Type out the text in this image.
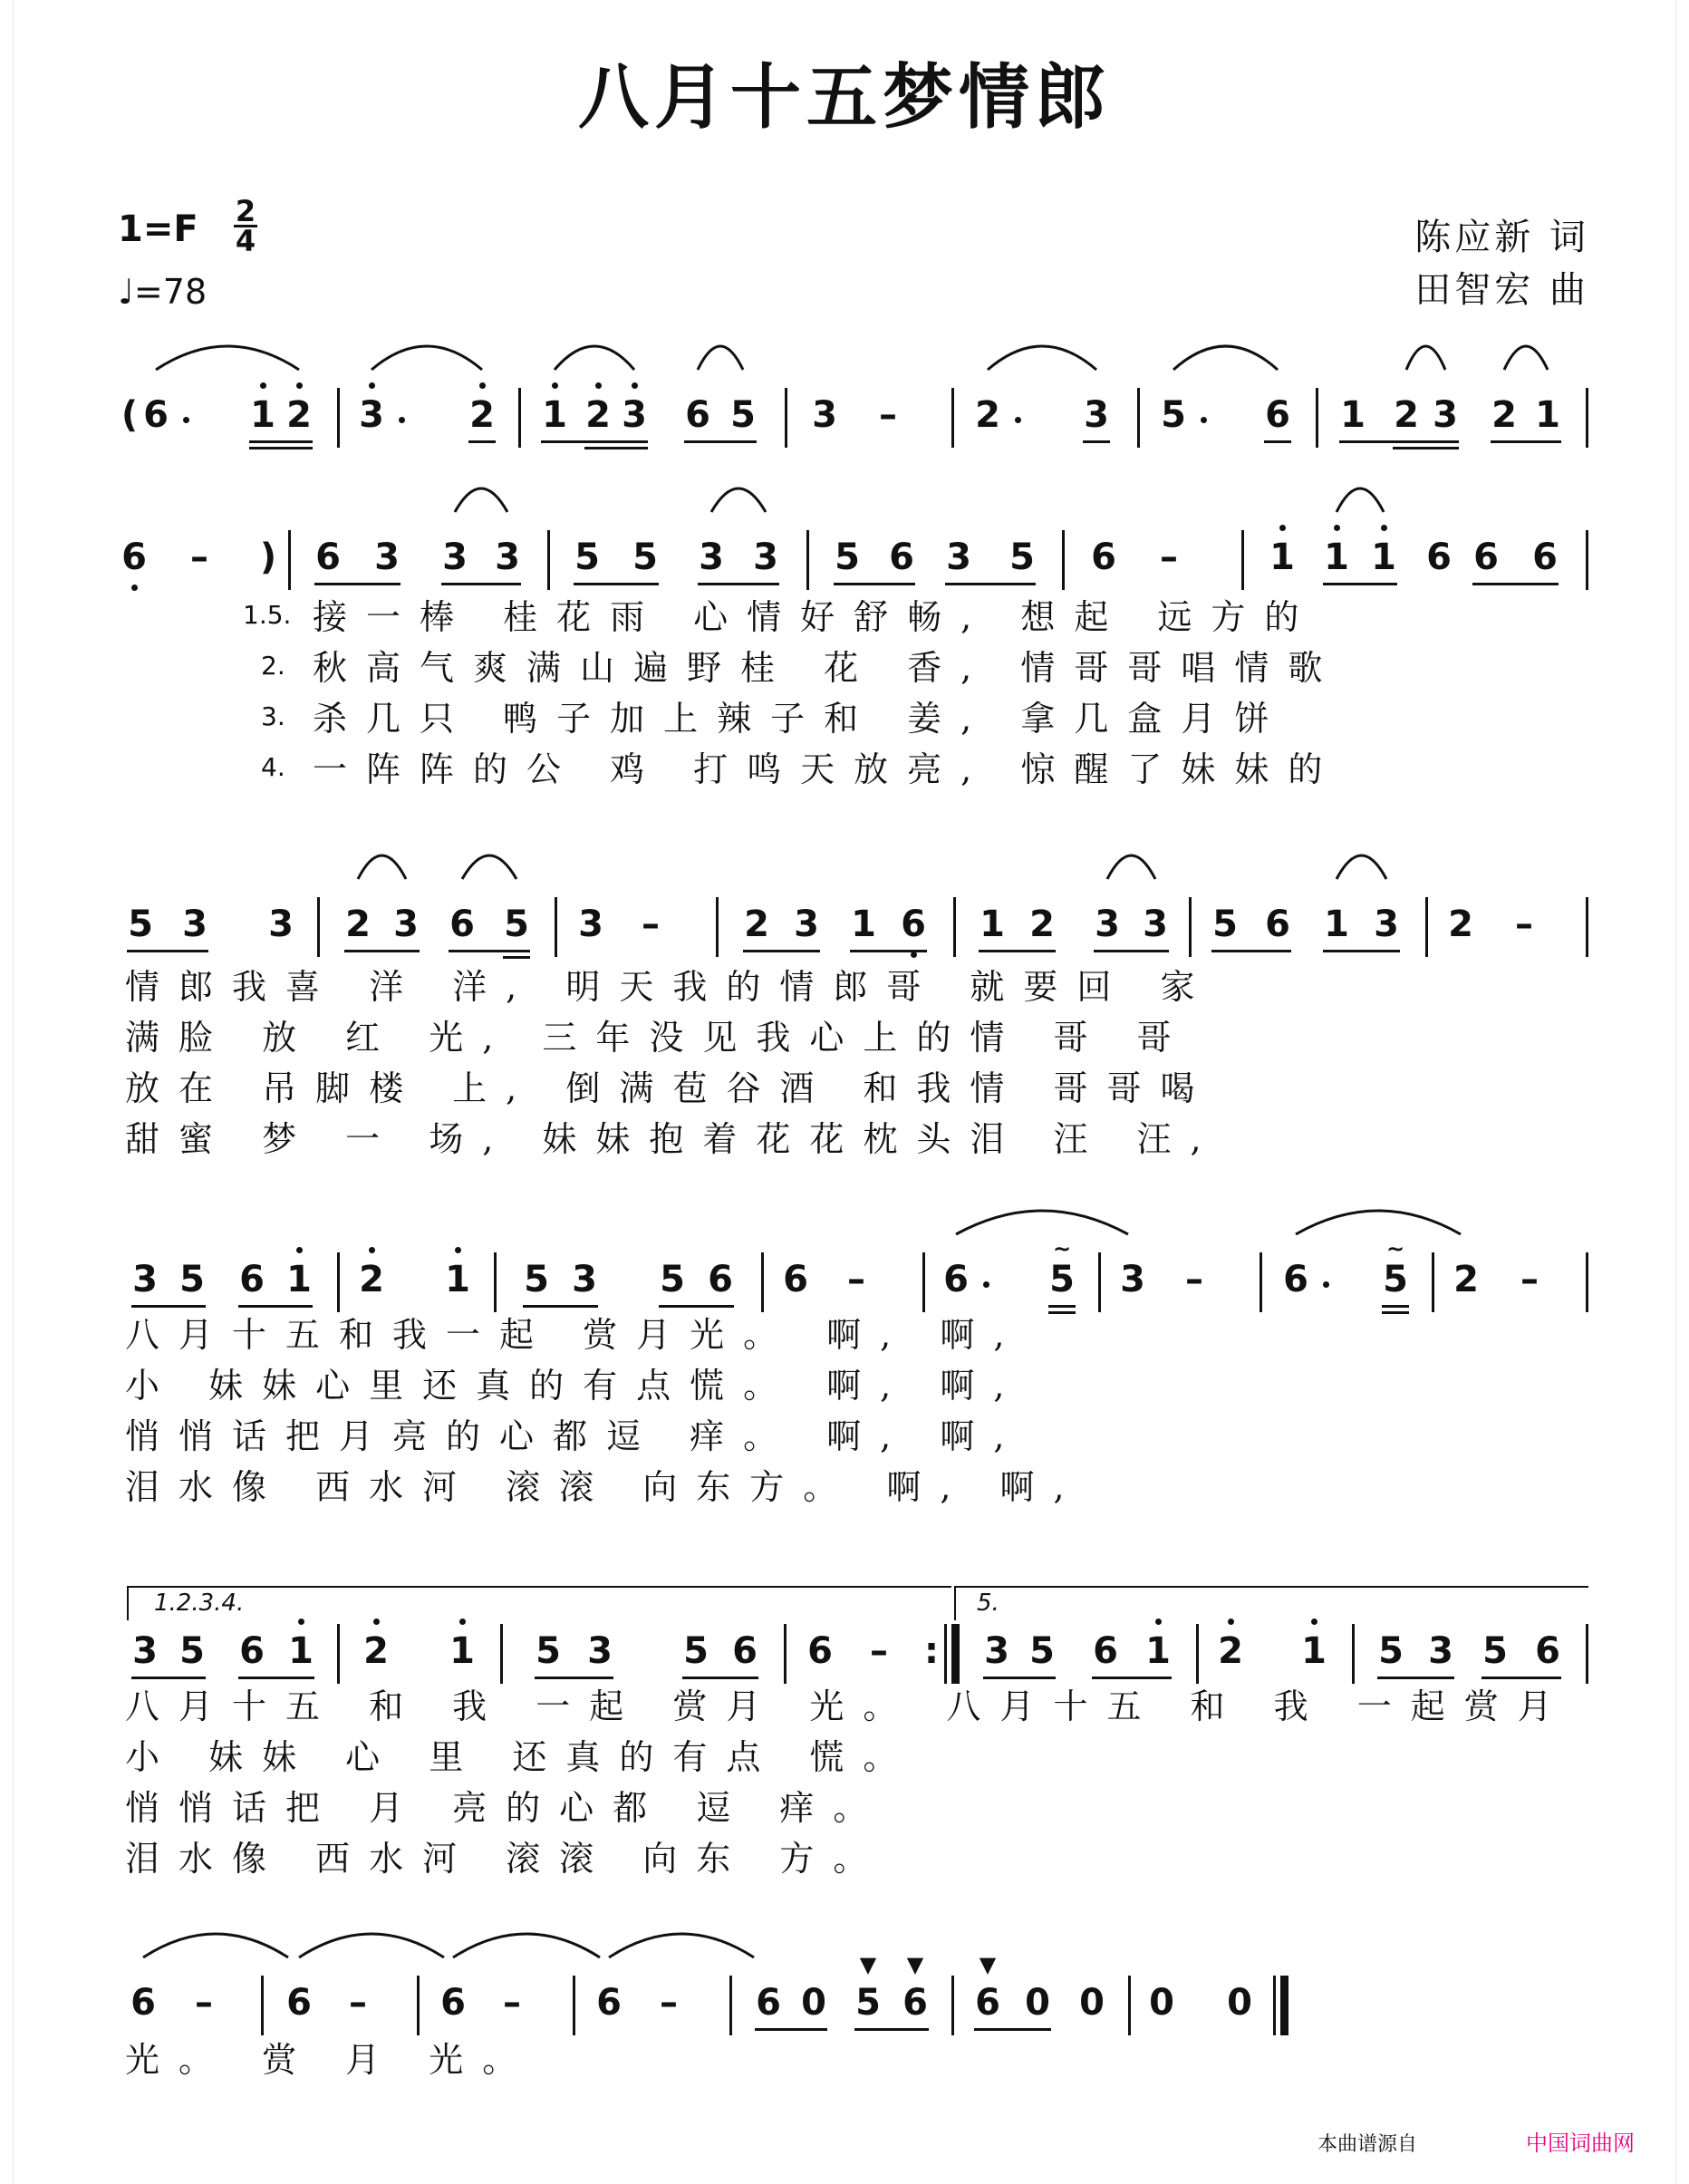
八月十五梦情郎
1=F 2
4
♩=78
陈应新 词
田智宏 曲
( 6 1 2 3 2 1 2 3 6 5 3 – 2 3 5 6 1 2 3 2 1
6 – ) 6 3 3 3 5 5 3 3 5 6 3 5 6 –	1 1 1 6 6 6
1.5.
2.
3.
4.
接一棒 桂花雨 心情好舒畅, 想起 远方的
秋高气爽满山遍野桂 花 香, 情哥哥唱情歌
杀几只 鸭子加上辣子和 姜, 拿几盒月饼
一阵阵的公 鸡 打鸣天放亮, 惊醒了妹妹的
5 3 3 2 3 6 5 3 – 2 3 1 6 1 2 3 3 5 6 1 3 2 –
情郎我喜 洋 洋, 明天我的情郎哥 就要回 家
满脸 放 红 光, 三年没见我心上的情 哥 哥
放在 吊脚楼 上, 倒满苞谷酒 和我情 哥哥喝
甜蜜 梦 一 场, 妹妹抱着花花枕头泪 汪 汪,
3 5 6 1 2 1 5 3 5 6 6 – 6 5
~
3 – 6 5
~
2 –
八月十五和我一起 赏月光。 啊, 啊,
小 妹妹心里还真的有点慌。 啊, 啊,
悄悄话把月亮的心都逗 痒。 啊, 啊,
泪水像 西水河 滚滚 向东方。 啊, 啊,
3 5 6 1 2 1 5 3 5 6 6 –	:	3 5 6 1 2 1 5 3 5 6
八月十五 和 我 一起 赏月 光。 八月十五 和 我 一起赏月
小 妹妹 心 里 还真的有点 慌。
悄悄话把 月 亮的心都 逗 痒。
泪水像 西水河 滚滚 向东 方。
6 – 6 – 6 – 6 – 6 0 5 6
▼	▼
6 0
▼
0 0 0
光。 赏 月 光。
1.2.3.4.	5.
本曲谱源自	中国词曲网
